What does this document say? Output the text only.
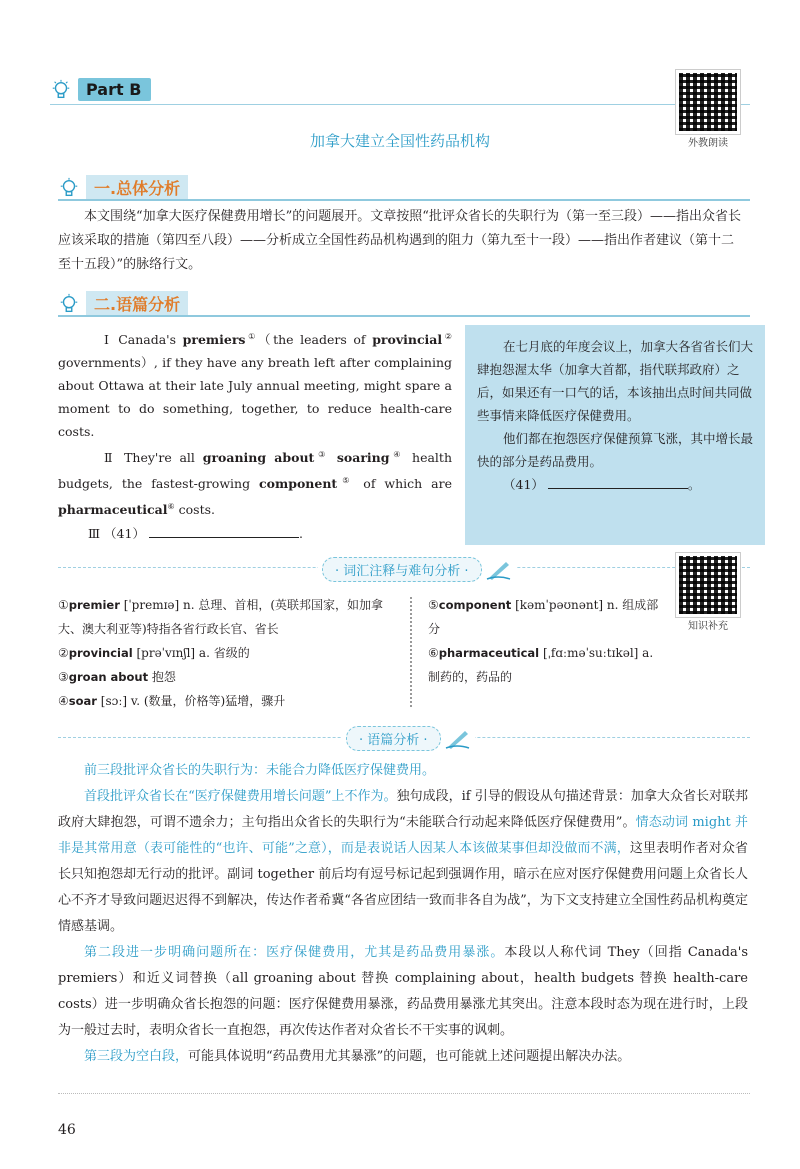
Part B
加拿大建立全国性药品机构	外教朗读
一.总体分析
本文围绕“加拿大医疗保健费用增长”的问题展开。文章按照“批评众省长的失职行为（第一至三段）——指出众省长应该采取的措施（第四至八段）——分析成立全国性药品机构遇到的阻力（第九至十一段）——指出作者建议（第十二至十五段）”的脉络行文。
二.语篇分析
Ⅰ Canada's premiers①（the leaders of provincial② governments）, if they have any breath left after complaining about Ottawa at their late July annual meeting, might spare a moment to do something, together, to reduce health-care costs.
Ⅱ They're all groaning about③ soaring④ health budgets, the fastest-growing component⑤ of which are pharmaceutical⑥ costs.
Ⅲ （41）	.
在七月底的年度会议上，加拿大各省省长们大肆抱怨渥太华（加拿大首都，指代联邦政府）之后，如果还有一口气的话，本该抽出点时间共同做些事情来降低医疗保健费用。
他们都在抱怨医疗保健预算飞涨，其中增长最快的部分是药品费用。
（41）	。
· 词汇注释与难句分析 ·
知识补充
①premier [ˈpremɪə] n. 总理、首相，(英联邦国家，如加拿大、澳大利亚等)特指各省行政长官、省长
②provincial [prəˈvɪnʃl] a. 省级的
③groan about 抱怨
④soar [sɔː] v. (数量，价格等)猛增，骤升
⑤component [kəmˈpəʊnənt] n. 组成部分
⑥pharmaceutical [ˌfɑːməˈsuːtɪkəl] a. 制药的，药品的
· 语篇分析 ·
前三段批评众省长的失职行为：未能合力降低医疗保健费用。
首段批评众省长在“医疗保健费用增长问题”上不作为。独句成段，if 引导的假设从句描述背景：加拿大众省长对联邦政府大肆抱怨，可谓不遗余力；主句指出众省长的失职行为“未能联合行动起来降低医疗保健费用”。情态动词 might 并非是其常用意（表可能性的“也许、可能”之意），而是表说话人因某人本该做某事但却没做而不满，这里表明作者对众省长只知抱怨却无行动的批评。副词 together 前后均有逗号标记起到强调作用，暗示在应对医疗保健费用问题上众省长人心不齐才导致问题迟迟得不到解决，传达作者希冀“各省应团结一致而非各自为战”，为下文支持建立全国性药品机构奠定情感基调。
第二段进一步明确问题所在：医疗保健费用，尤其是药品费用暴涨。本段以人称代词 They（回指 Canada's premiers）和近义词替换（all groaning about 替换 complaining about，health budgets 替换 health-care costs）进一步明确众省长抱怨的问题：医疗保健费用暴涨，药品费用暴涨尤其突出。注意本段时态为现在进行时，上段为一般过去时，表明众省长一直抱怨，再次传达作者对众省长不干实事的讽刺。
第三段为空白段，可能具体说明“药品费用尤其暴涨”的问题，也可能就上述问题提出解决办法。
46
